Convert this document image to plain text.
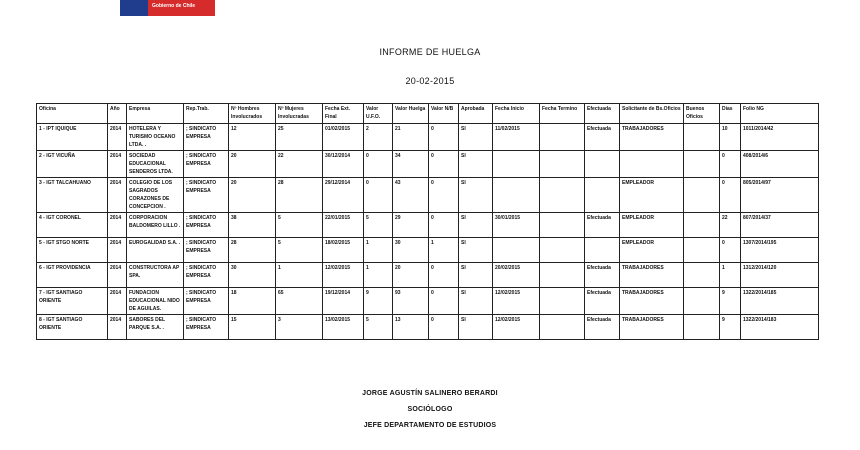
Gobierno de Chile
INFORME DE HUELGA
20-02-2015
Oficina	Año	Empresa	Rep.Trab.	Nº Hombres Involucrados	Nº Mujeres Involucradas	Fecha Ext. Final	Valor U.F.O.	Valor Huelga	Valor N/B	Aprobada	Fecha Inicio	Fecha Termino	Efectuada	Solicitante de Bs.Oficios	Buenos Oficios	Días	Folio NG
1 - IPT IQUIQUE	2014	HOTELERA Y TURISMO OCEANO LTDA. .	; SINDICATO EMPRESA	12	25	01/02/2015	2	21	0	SI	11/02/2015		Efectuada	TRABAJADORES		10	1011/2014/42
2 - IGT VICUÑA	2014	SOCIEDAD EDUCACIONAL SENDEROS LTDA.	; SINDICATO EMPRESA	20	22	30/12/2014	0	34	0	SI						0	408/2014/6
3 - IGT TALCAHUANO	2014	COLEGIO DE LOS SAGRADOS CORAZONES DE CONCEPCION .	; SINDICATO EMPRESA	20	28	29/12/2014	0	43	0	SI				EMPLEADOR		0	805/2014/97
4 - IGT CORONEL	2014	CORPORACION BALDOMERO LILLO .	; SINDICATO EMPRESA	38	5	22/01/2015	5	29	0	SI	30/01/2015		Efectuada	EMPLEADOR		22	807/2014/37
5 - IGT STGO NORTE	2014	EUROGALIDAD S.A. .	; SINDICATO EMPRESA	28	5	18/02/2015	1	30	1	SI				EMPLEADOR		0	1307/2014/195
6 - IGT PROVIDENCIA	2014	CONSTRUCTORA AP SPA.	; SINDICATO EMPRESA	30	1	12/02/2015	1	20	0	SI	20/02/2015		Efectuada	TRABAJADORES		1	1312/2014/120
7 - IGT SANTIAGO ORIENTE	2014	FUNDACION EDUCACIONAL NIDO DE AGUILAS.	; SINDICATO EMPRESA	18	65	19/12/2014	9	93	0	SI	12/02/2015		Efectuada	TRABAJADORES		9	1322/2014/185
8 - IGT SANTIAGO ORIENTE	2014	SABORES DEL PARQUE S.A. .	; SINDICATO EMPRESA	15	3	13/02/2015	5	13	0	SI	12/02/2015		Efectuada	TRABAJADORES		9	1322/2014/183
JORGE AGUSTÍN SALINERO BERARDI
SOCIÓLOGO
JEFE DEPARTAMENTO DE ESTUDIOS
